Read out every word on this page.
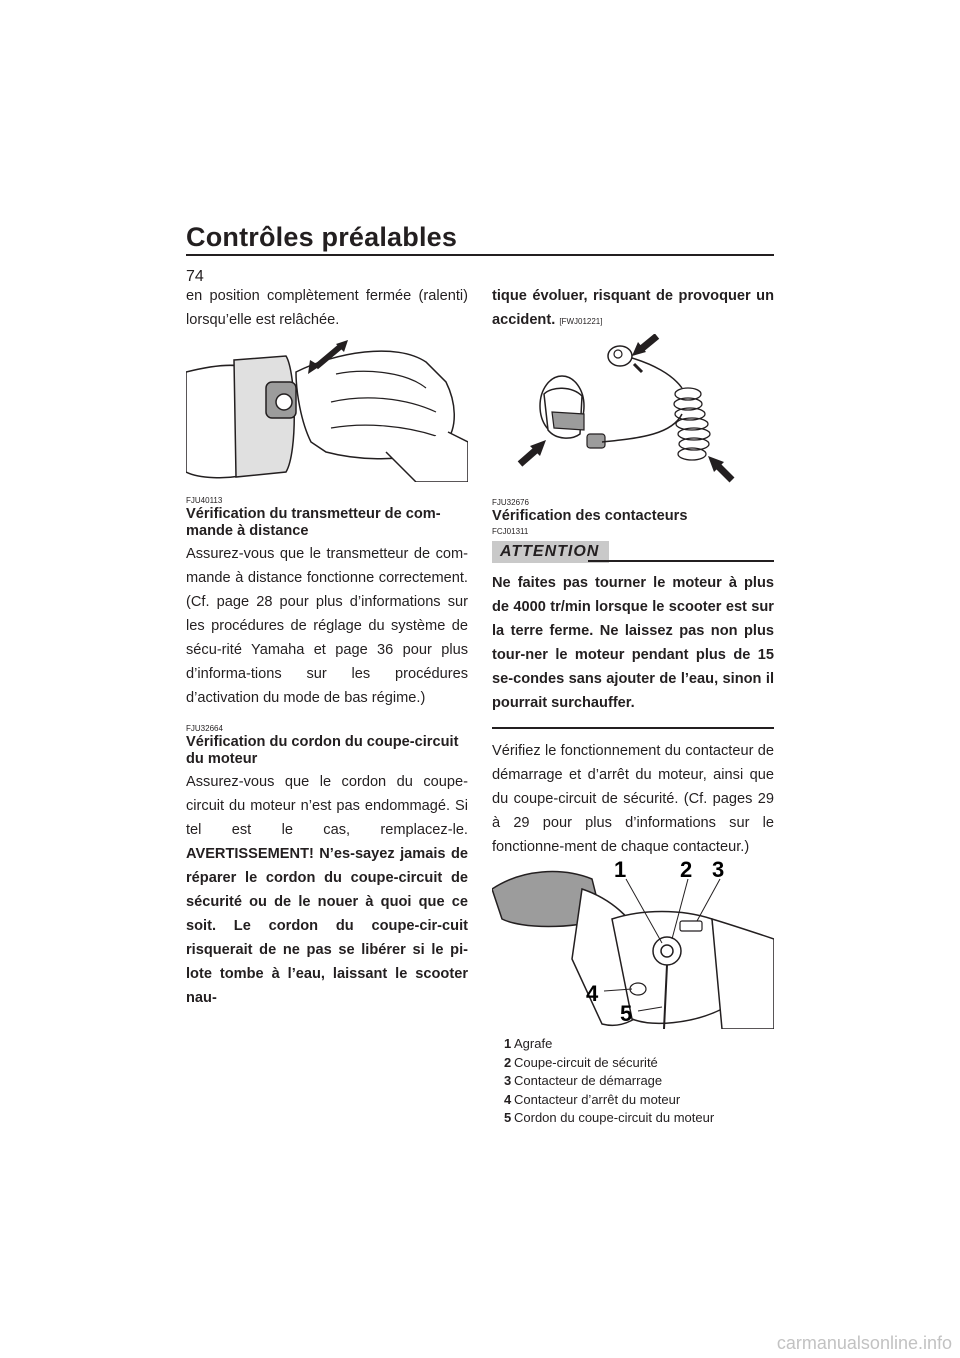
Contrôles préalables
74

en position complètement fermée (ralenti) lorsqu’elle est relâchée.

FJU40113
Vérification du transmetteur de com-mande à distance

Assurez-vous que le transmetteur de com-mande à distance fonctionne correctement. (Cf. page 28 pour plus d’informations sur les procédures de réglage du système de sécu-rité Yamaha et page 36 pour plus d’informa-tions sur les procédures d’activation du mode de bas régime.)

FJU32664
Vérification du cordon du coupe-circuit du moteur

Assurez-vous que le cordon du coupe-circuit du moteur n’est pas endommagé. Si tel est le cas, remplacez-le. AVERTISSEMENT! N’es-sayez jamais de réparer le cordon du coupe-circuit de sécurité ou de le nouer à quoi que ce soit. Le cordon du coupe-cir-cuit risquerait de ne pas se libérer si le pi-lote tombe à l’eau, laissant le scooter nau-

tique évoluer, risquant de provoquer un accident. [FWJ01221]

FJU32676
Vérification des contacteurs
FCJ01311
ATTENTION

Ne faites pas tourner le moteur à plus de 4000 tr/min lorsque le scooter est sur la terre ferme. Ne laissez pas non plus tour-ner le moteur pendant plus de 15 se-condes sans ajouter de l’eau, sinon il pourrait surchauffer.

Vérifiez le fonctionnement du contacteur de démarrage et d’arrêt du moteur, ainsi que du coupe-circuit de sécurité. (Cf. pages 29 à 29 pour plus d’informations sur le fonctionne-ment de chaque contacteur.)

1 2 3
4
5
1 Agrafe
2 Coupe-circuit de sécurité
3 Contacteur de démarrage
4 Contacteur d’arrêt du moteur
5 Cordon du coupe-circuit du moteur
carmanualsonline.info
